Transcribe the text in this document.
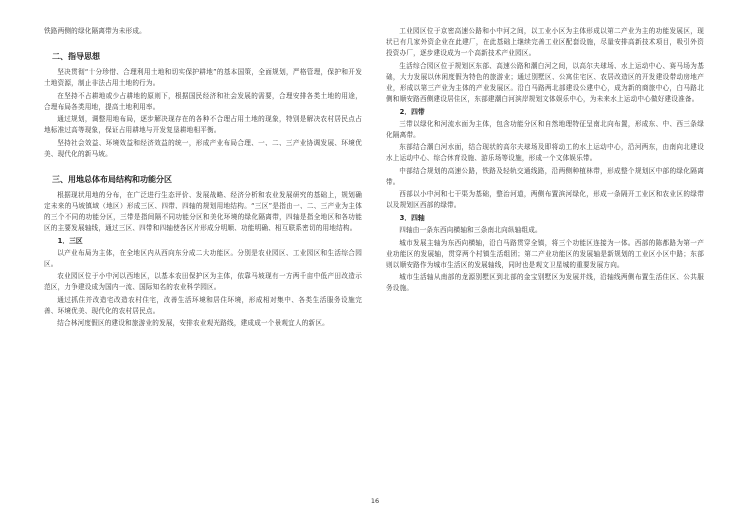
铁路两侧的绿化隔离带为未形成。

二、指导思想

坚决贯彻“十分珍惜、合理利用土地和切实保护耕地”的基本国策，全面规划，严格管理，保护和开发土地资源，制止非法占用土地的行为。

在坚持不占耕地或少占耕地的原则下，根据国民经济和社会发展的需要，合理安排各类土地的用途，合理布局各类用地，提高土地利用率。

通过规划，调整用地布局，逐步解决现存在的各种不合理占用土地的现象，特别是解决农村居民点占地标准过高等现象，保证占用耕地与开发复垦耕地相平衡。

坚持社会效益、环境效益和经济效益的统一，形成产业布局合理、一、二、三产业协调发展、环境优美、现代化的新马坡。

三、用地总体布局结构和功能分区

根据现状用地的分布，在广泛进行生态评价、发展战略、经济分析和农业发展研究的基础上，规划确定未来的马坡镇域（地区）形成三区、四带、四轴的规划用地结构。“三区”是指由一、二、三产业为主体的三个不同的功能分区，三带是指间隔不同功能分区和美化环境的绿化隔离带，四轴是指全地区和各功能区的主要发展轴线，通过三区、四带和四轴使各区片形成分明顺、功能明确、相互联系密切的用地结构。

1．三区

以产业布局为主体，在全地区内从西向东分成二大功能区。分别是农业园区、工业园区和生活综合园区。

农业园区位于小中河以西地区，以基本农田保护区为主体，依靠马坡现有一方两千亩中低产田改造示范区，力争建设成为国内一流、国际知名的农业科学园区。

通过抓住并改造宅改造农村住宅，改善生活环境和居住环境，形成相对集中、各类生活服务设施完善、环境优美、现代化的农村居民点。

结合林河度假区的建设和旅游业的发展，安排农业观光路线，建成成一个景观宜人的新区。

工业园区位于京密高速公路和小中河之间，以工业小区为主体形成以第二产业为主的功能发展区，现状已有几家外资企业在此建厂，在此基础上继续完善工业区配套设施，尽量安排高新技术项目，吸引外资投资办厂，逐步建设成为一个高新技术产业园区。

生活综合园区位于规划区东部、高速公路和潮白河之间，以高尔夫球场、水上运动中心、赛马场为基础，大力发展以休闲度假为特色的旅游业；通过别墅区、公寓住宅区、农居改造区的开发建设带动房地产业，形成以第三产业为主体的产业发展区。沿白马路两北部建设公建中心，成为新的商旅中心，白马路北侧和顺安路西侧建设居住区，东部建潮白河滨岸规划文体娱乐中心，为未来水上运动中心做好建设准备。

2．四带

三带以绿化和河流水面为主体，包含功能分区和自然地理特征呈南北向布置，形成东、中、西三条绿化隔离带。

东部结合潮白河水面，结合现状的高尔夫球场及即将动工的水上运动中心，沿河两东，由南向北建设水上运动中心、综合休育设施、游乐场等设施，形成一个文体娱乐带。

中部结合规划的高速公路，铁路及轻轨交通线路，沿两侧种植林带，形成整个规划区中部的绿化隔离带。

西部以小中河和七干渠为基础，整治河道，两侧布置滨河绿化，形成一条隔开工业区和农业区的绿带以及规划区西部的绿带。

3．四轴

四轴由一条东西向横轴和三条南北向纵轴组成。

城市发展主轴为东西向横轴，沿白马路贯穿全镇，将三个功能区连接为一体。西部的陈都路为第一产业功能区的发展轴，贯穿两个村镇生活组团；第二产业功能区的发展轴是新规划的工业区小区中路；东部则以顺安路作为城市生活区的发展轴线，同时也是观文卫星城的重要发展方向。

城市生活轴从南部的龙源别墅区到北部的金宝别墅区为发展并线，沿轴线两侧布置生活住区、公共服务设施。

16
